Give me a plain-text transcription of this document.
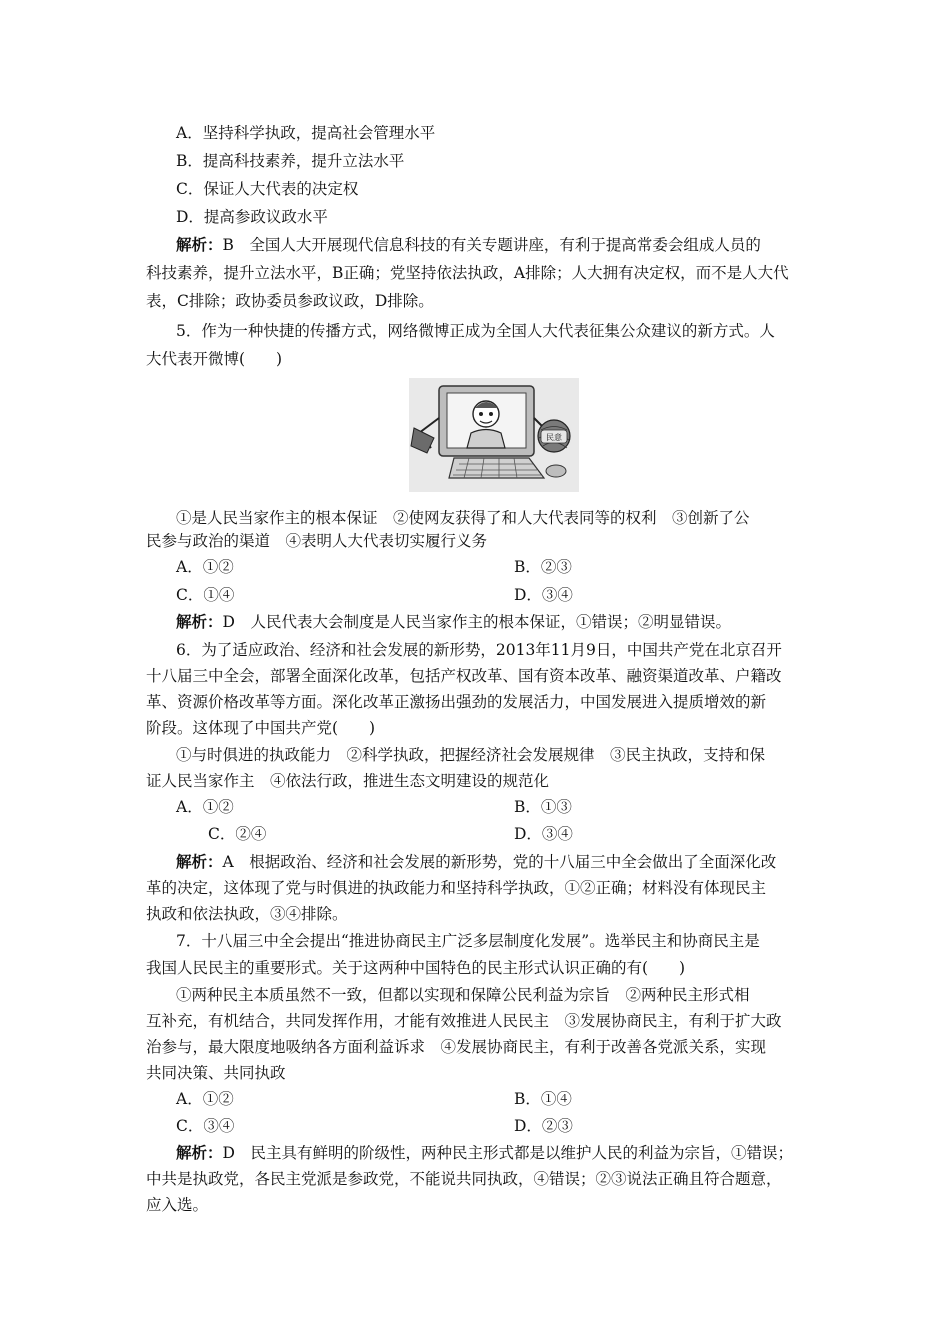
A．坚持科学执政，提高社会管理水平
B．提高科技素养，提升立法水平
C．保证人大代表的决定权
D．提高参政议政水平
解析：B　全国人大开展现代信息科技的有关专题讲座，有利于提高常委会组成人员的
科技素养，提升立法水平，B正确；党坚持依法执政，A排除；人大拥有决定权，而不是人大代
表，C排除；政协委员参政议政，D排除。
5．作为一种快捷的传播方式，网络微博正成为全国人大代表征集公众建议的新方式。人
大代表开微博(　　)
民意
①是人民当家作主的根本保证　②使网友获得了和人大代表同等的权利　③创新了公
民参与政治的渠道　④表明人大代表切实履行义务
A．①②	B．②③
C．①④	D．③④
解析：D　人民代表大会制度是人民当家作主的根本保证，①错误；②明显错误。
6．为了适应政治、经济和社会发展的新形势，2013年11月9日，中国共产党在北京召开
十八届三中全会，部署全面深化改革，包括产权改革、国有资本改革、融资渠道改革、户籍改
革、资源价格改革等方面。深化改革正激扬出强劲的发展活力，中国发展进入提质增效的新
阶段。这体现了中国共产党(　　)
①与时俱进的执政能力　②科学执政，把握经济社会发展规律　③民主执政，支持和保
证人民当家作主　④依法行政，推进生态文明建设的规范化
A．①②	B．①③
C．②④	D．③④
解析：A　根据政治、经济和社会发展的新形势，党的十八届三中全会做出了全面深化改
革的决定，这体现了党与时俱进的执政能力和坚持科学执政，①②正确；材料没有体现民主
执政和依法执政，③④排除。
7．十八届三中全会提出“推进协商民主广泛多层制度化发展”。选举民主和协商民主是
我国人民民主的重要形式。关于这两种中国特色的民主形式认识正确的有(　　)
①两种民主本质虽然不一致，但都以实现和保障公民利益为宗旨　②两种民主形式相
互补充，有机结合，共同发挥作用，才能有效推进人民民主　③发展协商民主，有利于扩大政
治参与，最大限度地吸纳各方面利益诉求　④发展协商民主，有利于改善各党派关系，实现
共同决策、共同执政
A．①②	B．①④
C．③④	D．②③
解析：D　民主具有鲜明的阶级性，两种民主形式都是以维护人民的利益为宗旨，①错误；
中共是执政党，各民主党派是参政党，不能说共同执政，④错误；②③说法正确且符合题意，
应入选。
